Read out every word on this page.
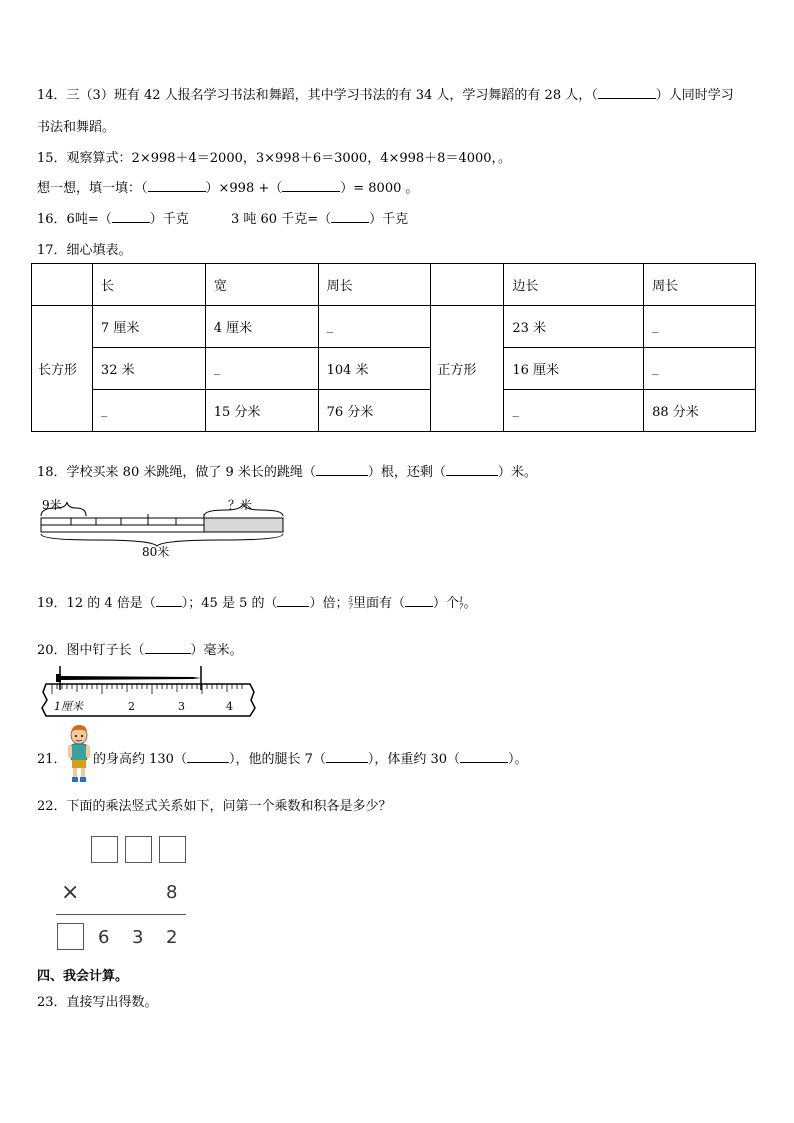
14．三（3）班有 42 人报名学习书法和舞蹈，其中学习书法的有 34 人，学习舞蹈的有 28 人，（	）人同时学习
书法和舞蹈。
15．观察算式：2×998＋4＝2000，3×998＋6＝3000，4×998＋8＝4000，。
想一想，填一填：（	）×998 +（	）= 8000 。
16．6吨=（	）千克	3 吨 60 千克=（	）千克
17．细心填表。
	长	宽	周长		边长	周长
长方形	7 厘米	4 厘米	_	正方形	23 米	_
	32 米	_	104 米		16 厘米	_
	_	15 分米	76 分米		_	88 分米
18．学校买来 80 米跳绳，做了 9 米长的跳绳（	）根，还剩（	）米。
9米	？米
80米
19．12 的 4 倍是（ ）；45 是 5 的（ ）倍； 5
7 里面有（ ）个 1
7 。
20．图中钉子长（	）毫米。
1厘米	2	3	4
21． 的身高约 130（	），他的腿长 7（	），体重约 30（	）。
22．下面的乘法竖式关系如下，问第一个乘数和积各是多少？
×	8
6 3 2
四、我会计算。
23．直接写出得数。
